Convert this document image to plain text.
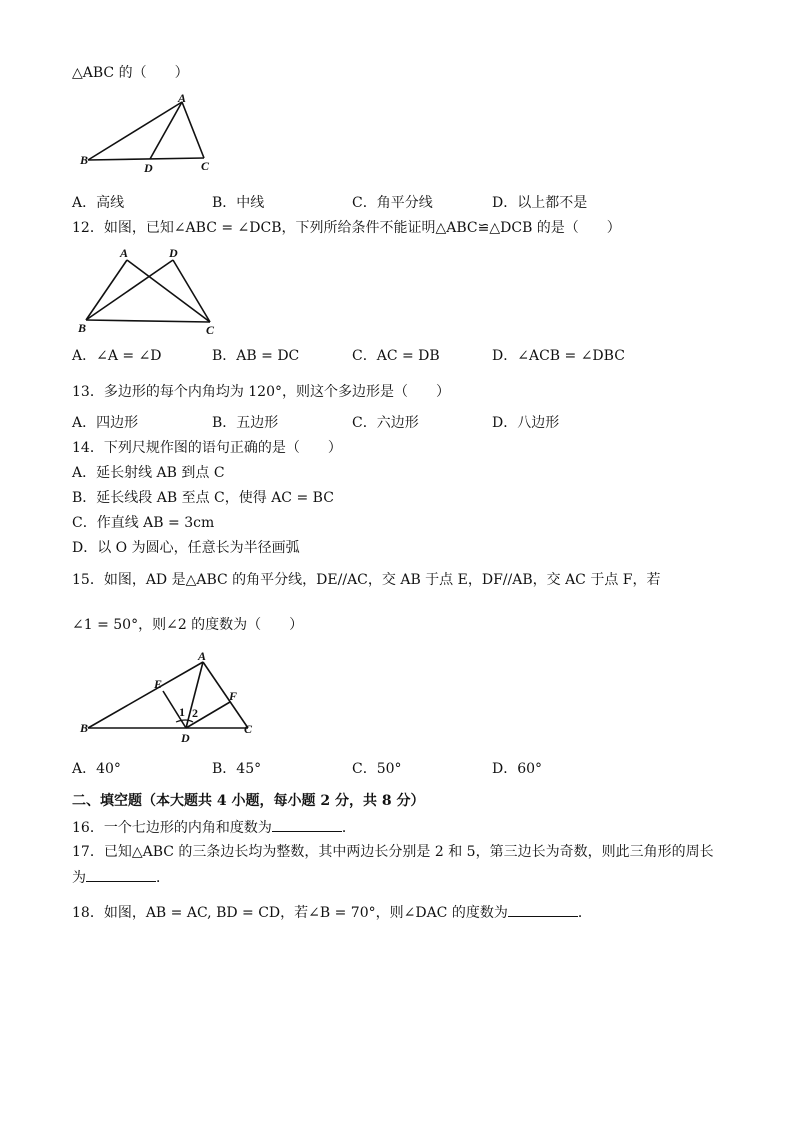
△ABC 的（　　）
A
B
D	C
A．高线	B．中线	C．角平分线	D．以上都不是
12．如图，已知∠ABC = ∠DCB，下列所给条件不能证明△ABC≌△DCB 的是（　　）
A	D
B	C
A．∠A = ∠D	B．AB = DC	C．AC = DB	D．∠ACB = ∠DBC
13．多边形的每个内角均为 120°，则这个多边形是（　　）
A．四边形	B．五边形	C．六边形	D．八边形
14．下列尺规作图的语句正确的是（　　）
A．延长射线 AB 到点 C
B．延长线段 AB 至点 C，使得 AC = BC
C．作直线 AB = 3cm
D．以 O 为圆心，任意长为半径画弧
15．如图，AD 是△ABC 的角平分线，DE//AC，交 AB 于点 E，DF//AB，交 AC 于点 F，若
∠1 = 50°，则∠2 的度数为（　　）
A
E
F
B	C
D
1 2
A．40°	B．45°	C．50°	D．60°
二、填空题（本大题共 4 小题，每小题 2 分，共 8 分）
16．一个七边形的内角和度数为	．
17．已知△ABC 的三条边长均为整数，其中两边长分别是 2 和 5，第三边长为奇数，则此三角形的周长
为	．
18．如图，AB = AC, BD = CD，若∠B = 70°，则∠DAC 的度数为	．
